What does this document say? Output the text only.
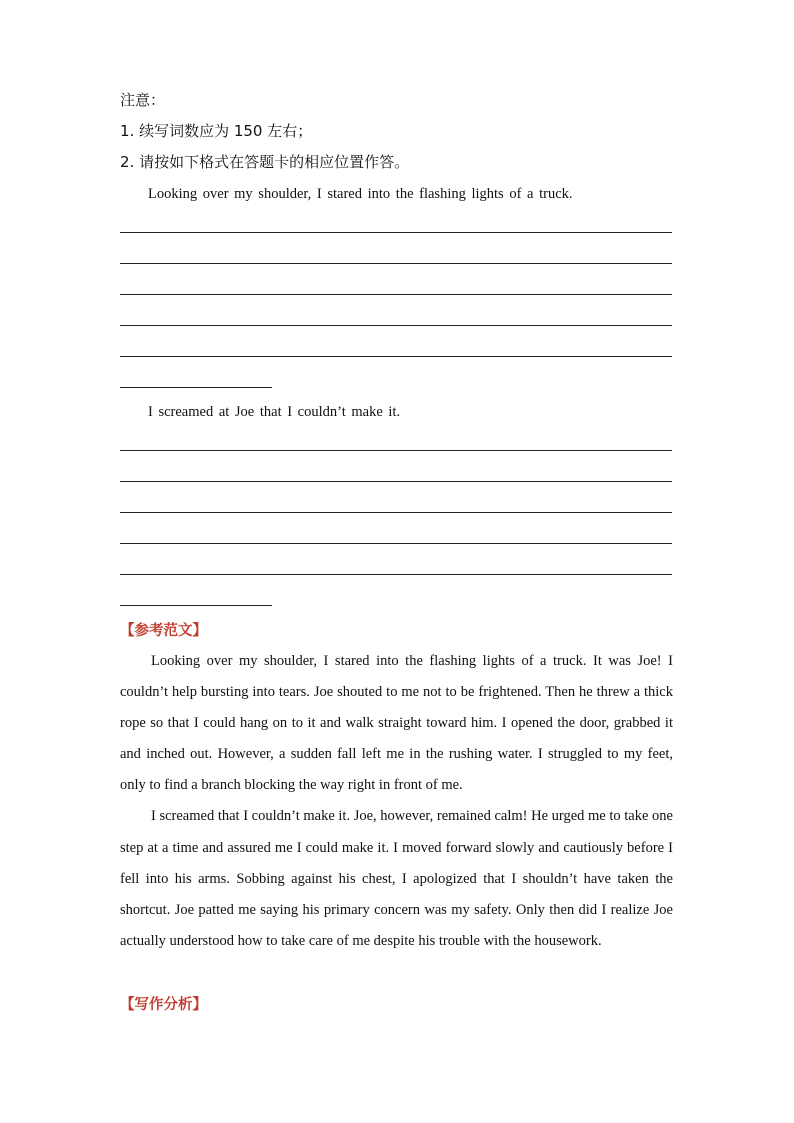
注意：
1. 续写词数应为 150 左右；
2. 请按如下格式在答题卡的相应位置作答。
Looking over my shoulder, I stared into the flashing lights of a truck.
I screamed at Joe that I couldn’t make it.
【参考范文】

Looking over my shoulder, I stared into the flashing lights of a truck. It was Joe! I couldn’t help bursting into tears. Joe shouted to me not to be frightened. Then he threw a thick rope so that I could hang on to it and walk straight toward him. I opened the door, grabbed it and inched out. However, a sudden fall left me in the rushing water. I struggled to my feet, only to find a branch blocking the way right in front of me.

I screamed that I couldn’t make it. Joe, however, remained calm! He urged me to take one step at a time and assured me I could make it. I moved forward slowly and cautiously before I fell into his arms. Sobbing against his chest, I apologized that I shouldn’t have taken the shortcut. Joe patted me saying his primary concern was my safety. Only then did I realize Joe actually understood how to take care of me despite his trouble with the housework.

【写作分析】
